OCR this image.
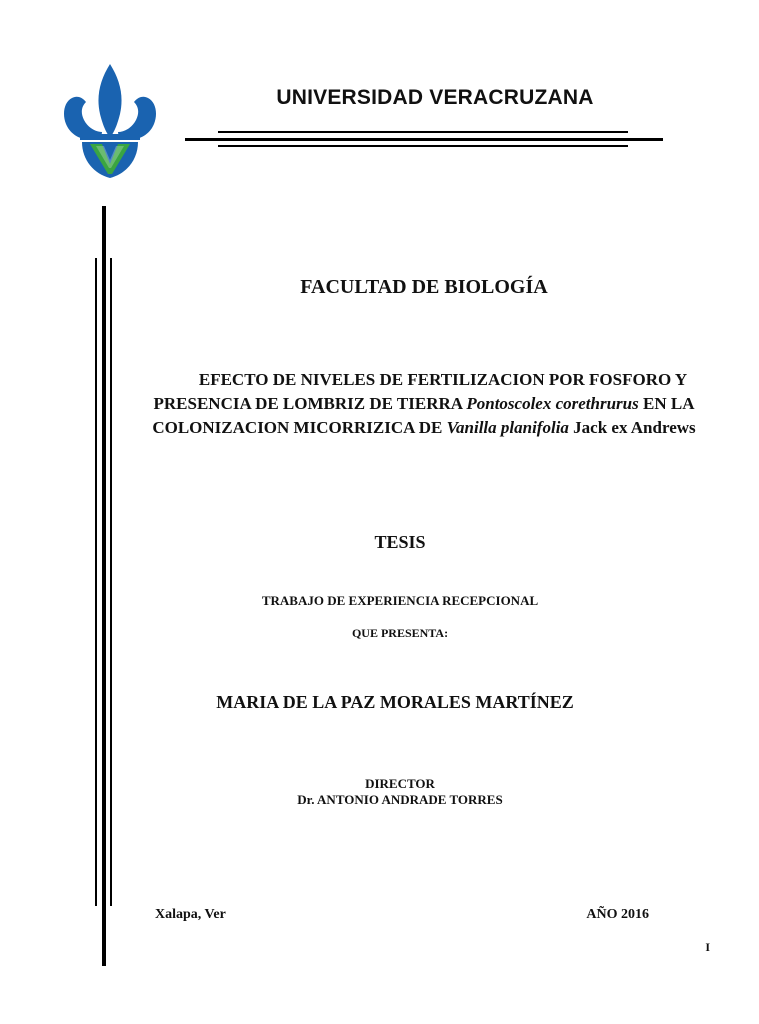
UNIVERSIDAD VERACRUZANA
FACULTAD DE BIOLOGÍA
EFECTO DE NIVELES DE FERTILIZACION POR FOSFORO Y PRESENCIA DE LOMBRIZ DE TIERRA Pontoscolex corethrurus EN LA COLONIZACION MICORRIZICA DE Vanilla planifolia Jack ex Andrews
TESIS
TRABAJO DE EXPERIENCIA RECEPCIONAL
QUE PRESENTA:
MARIA DE LA PAZ MORALES MARTÍNEZ
DIRECTOR
Dr. ANTONIO ANDRADE TORRES
Xalapa, Ver	AÑO 2016
I
